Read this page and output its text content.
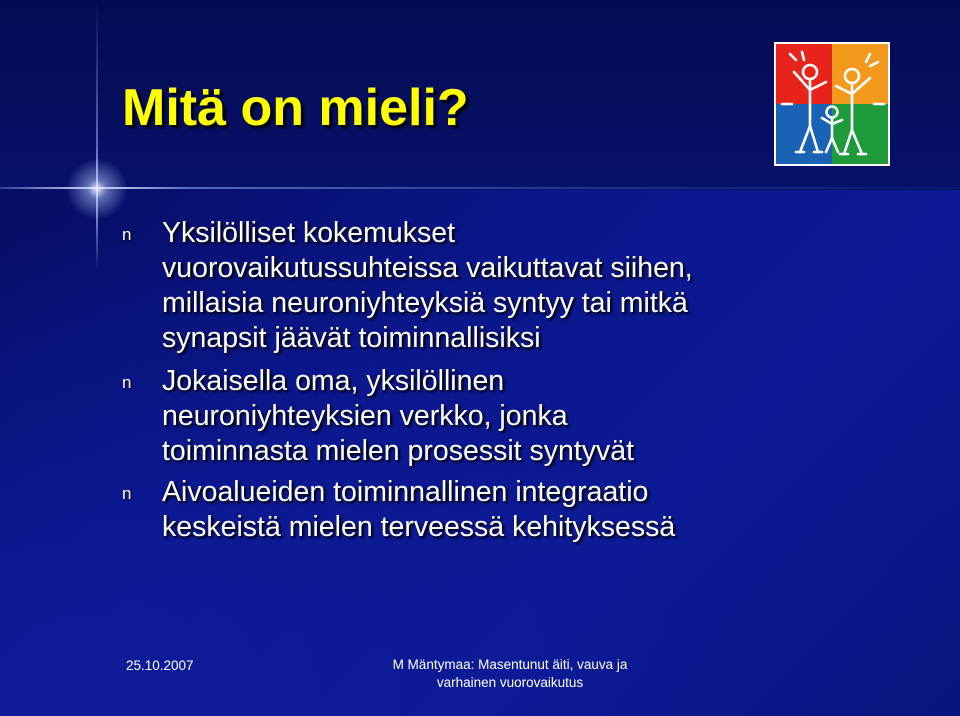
Mitä on mieli?
n Yksilölliset kokemukset
vuorovaikutussuhteissa vaikuttavat siihen,
millaisia neuroniyhteyksiä syntyy tai mitkä
synapsit jäävät toiminnallisiksi
n Jokaisella oma, yksilöllinen
neuroniyhteyksien verkko, jonka
toiminnasta mielen prosessit syntyvät
n Aivoalueiden toiminnallinen integraatio
keskeistä mielen terveessä kehityksessä
25.10.2007	M Mäntymaa: Masentunut äiti, vauva ja
varhainen vuorovaikutus
